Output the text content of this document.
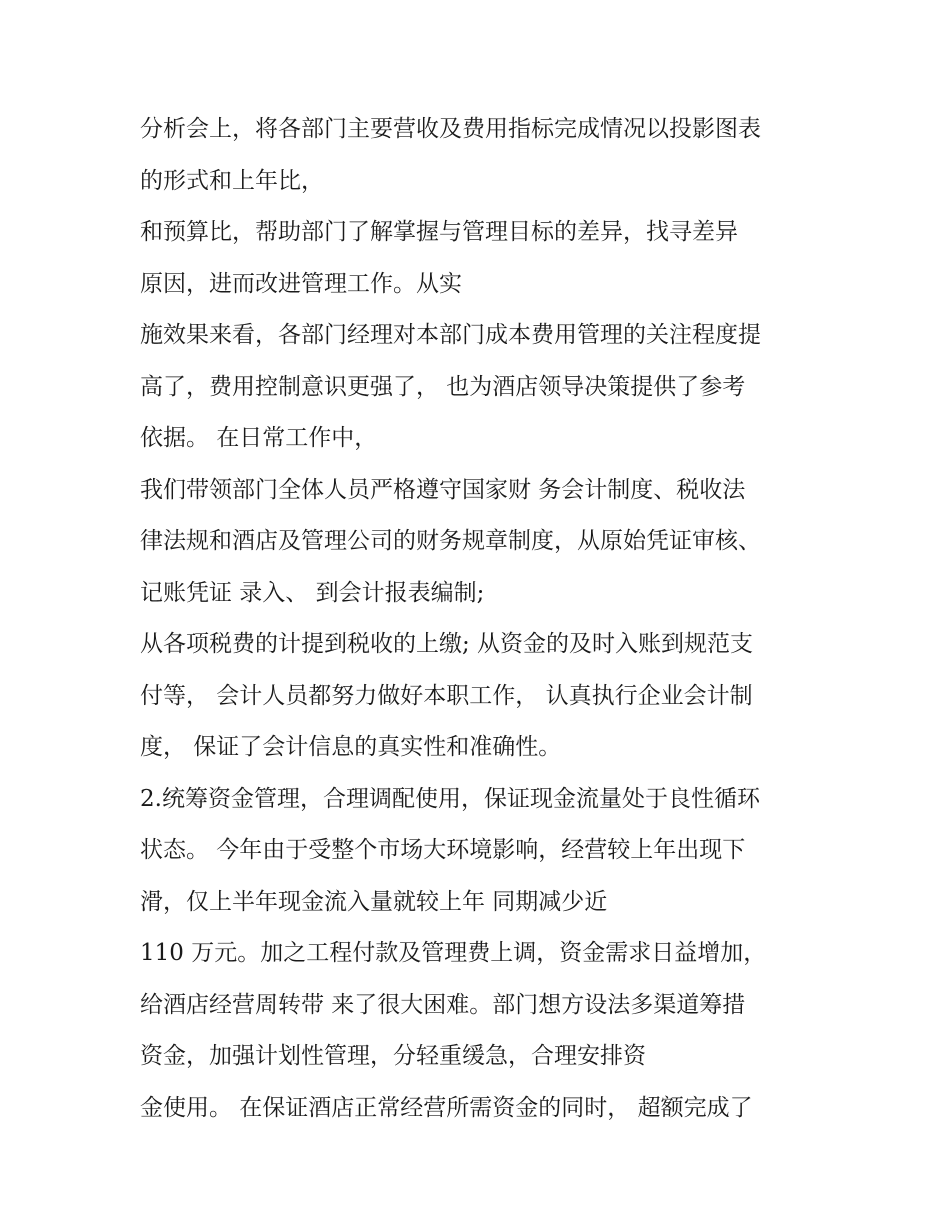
分析会上，将各部门主要营收及费用指标完成情况以投影图表
的形式和上年比，
和预算比，帮助部门了解掌握与管理目标的差异，找寻差异
原因，进而改进管理工作。从实
施效果来看，各部门经理对本部门成本费用管理的关注程度提
高了，费用控制意识更强了， 也为酒店领导决策提供了参考
依据。 在日常工作中，
我们带领部门全体人员严格遵守国家财 务会计制度、税收法
律法规和酒店及管理公司的财务规章制度，从原始凭证审核、
记账凭证 录入、 到会计报表编制;
从各项税费的计提到税收的上缴; 从资金的及时入账到规范支
付等， 会计人员都努力做好本职工作， 认真执行企业会计制
度， 保证了会计信息的真实性和准确性。
2.统筹资金管理，合理调配使用，保证现金流量处于良性循环
状态。 今年由于受整个市场大环境影响，经营较上年出现下
滑，仅上半年现金流入量就较上年 同期减少近
110 万元。加之工程付款及管理费上调，资金需求日益增加，
给酒店经营周转带 来了很大困难。部门想方设法多渠道筹措
资金，加强计划性管理，分轻重缓急，合理安排资
金使用。 在保证酒店正常经营所需资金的同时， 超额完成了
